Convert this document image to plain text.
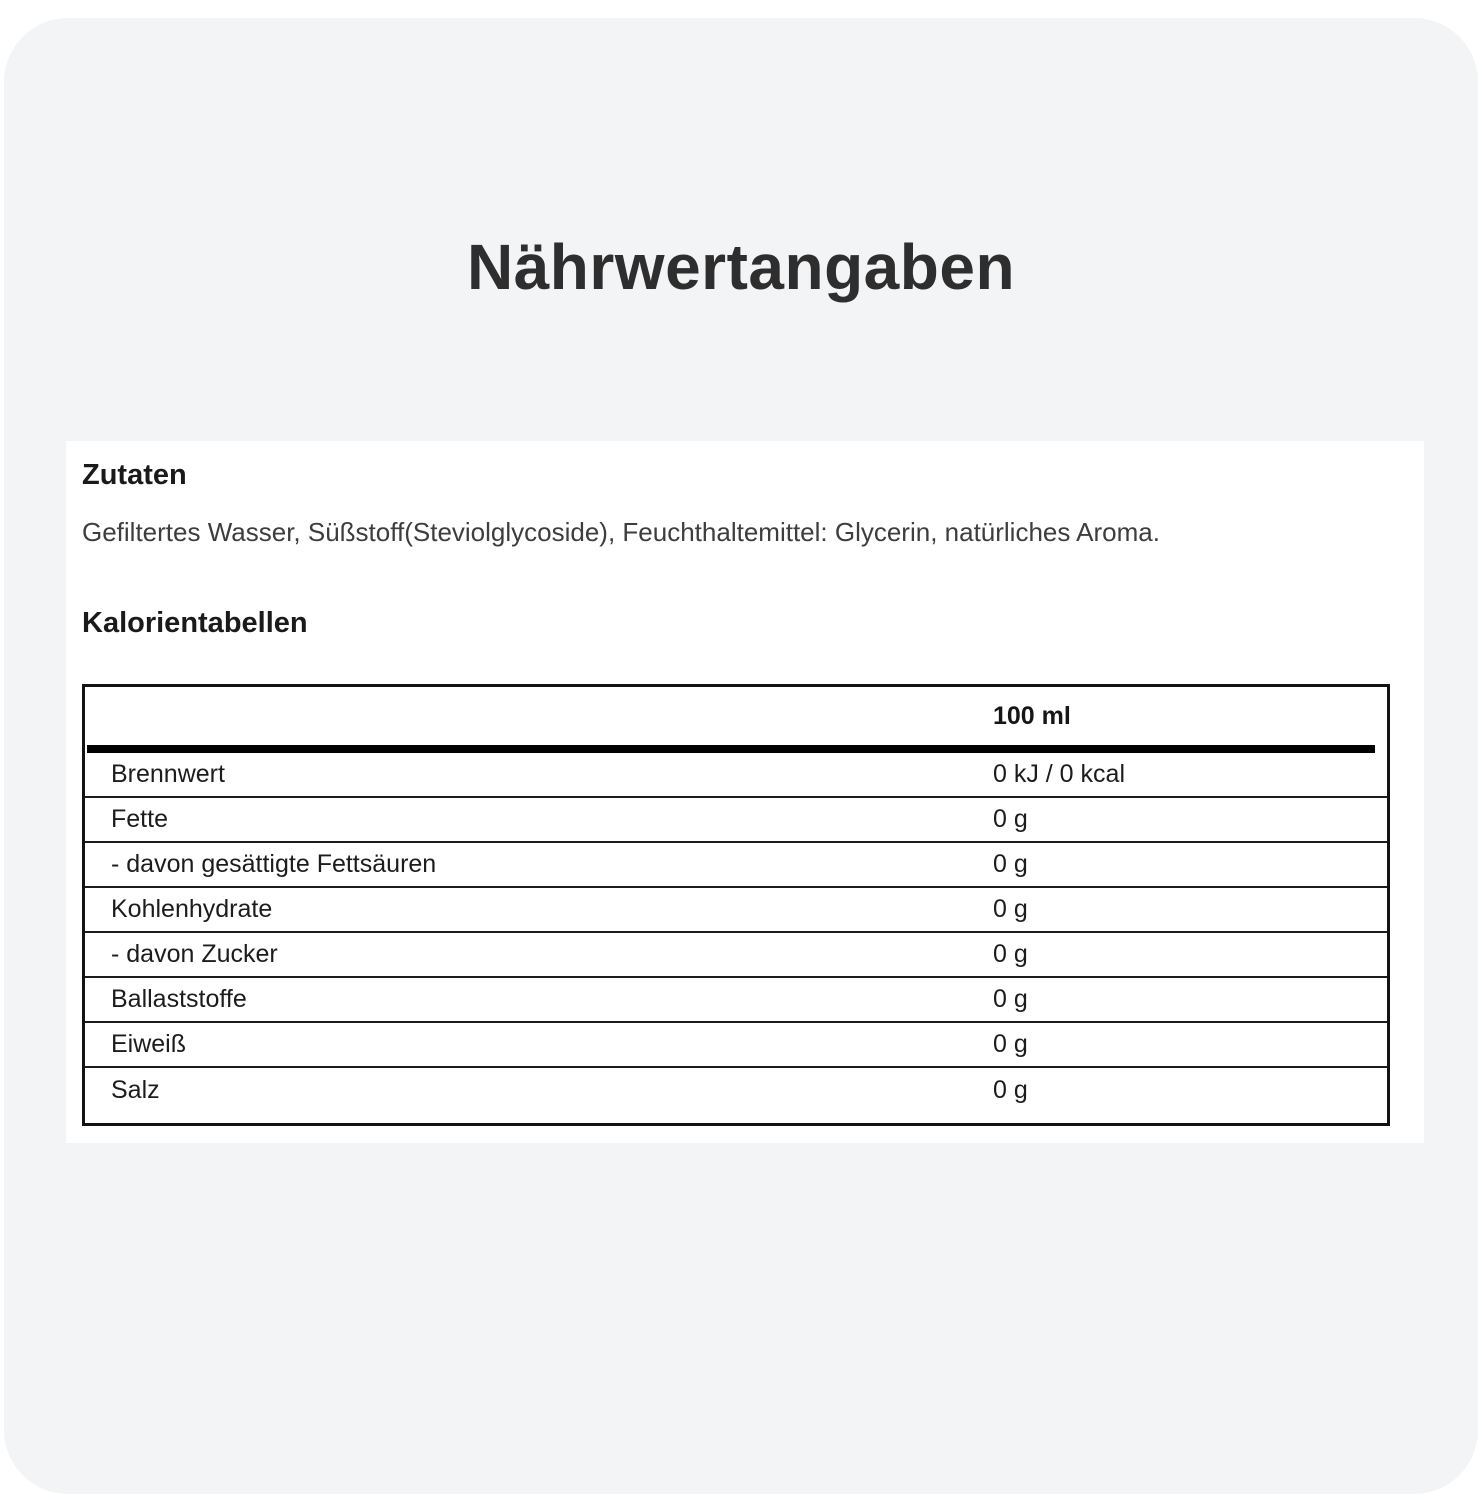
Nährwertangaben
Zutaten

Gefiltertes Wasser, Süßstoff(Steviolglycoside), Feuchthaltemittel: Glycerin, natürliches Aroma.

Kalorientabellen
100 ml
Brennwert	0 kJ / 0 kcal
Fette	0 g
- davon gesättigte Fettsäuren	0 g
Kohlenhydrate	0 g
- davon Zucker	0 g
Ballaststoffe	0 g
Eiweiß	0 g
Salz	0 g
